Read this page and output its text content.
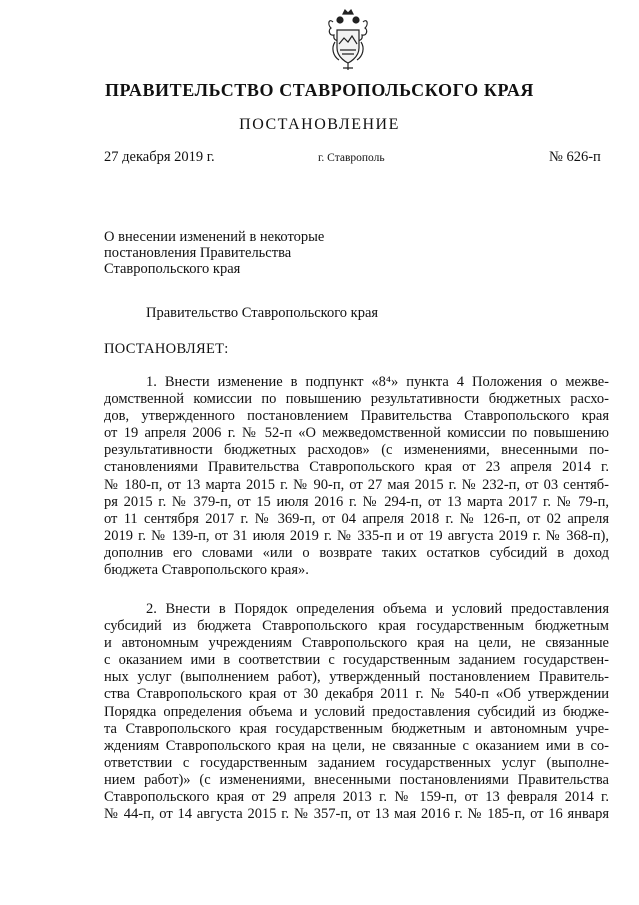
ПРАВИТЕЛЬСТВО СТАВРОПОЛЬСКОГО КРАЯ
ПОСТАНОВЛЕНИЕ
27 декабря 2019 г.	г. Ставрополь	№ 626-п
О внесении изменений в некоторые
постановления Правительства
Ставропольского края
Правительство Ставропольского края
ПОСТАНОВЛЯЕТ:
1. Внести изменение в подпункт «8⁴» пункта 4 Положения о межве-
домственной комиссии по повышению результативности бюджетных расхо-
дов, утвержденного постановлением Правительства Ставропольского края
от 19 апреля 2006 г. № 52-п «О межведомственной комиссии по повышению
результативности бюджетных расходов» (с изменениями, внесенными по-
становлениями Правительства Ставропольского края от 23 апреля 2014 г.
№ 180-п, от 13 марта 2015 г. № 90-п, от 27 мая 2015 г. № 232-п, от 03 сентяб-
ря 2015 г. № 379-п, от 15 июля 2016 г. № 294-п, от 13 марта 2017 г. № 79-п,
от 11 сентября 2017 г. № 369-п, от 04 апреля 2018 г. № 126-п, от 02 апреля
2019 г. № 139-п, от 31 июля 2019 г. № 335-п и от 19 августа 2019 г. № 368-п),
дополнив его словами «или о возврате таких остатков субсидий в доход
бюджета Ставропольского края».
2. Внести в Порядок определения объема и условий предоставления
субсидий из бюджета Ставропольского края государственным бюджетным
и автономным учреждениям Ставропольского края на цели, не связанные
с оказанием ими в соответствии с государственным заданием государствен-
ных услуг (выполнением работ), утвержденный постановлением Правитель-
ства Ставропольского края от 30 декабря 2011 г. № 540-п «Об утверждении
Порядка определения объема и условий предоставления субсидий из бюдже-
та Ставропольского края государственным бюджетным и автономным учре-
ждениям Ставропольского края на цели, не связанные с оказанием ими в со-
ответствии с государственным заданием государственных услуг (выполне-
нием работ)» (с изменениями, внесенными постановлениями Правительства
Ставропольского края от 29 апреля 2013 г. № 159-п, от 13 февраля 2014 г.
№ 44-п, от 14 августа 2015 г. № 357-п, от 13 мая 2016 г. № 185-п, от 16 января
